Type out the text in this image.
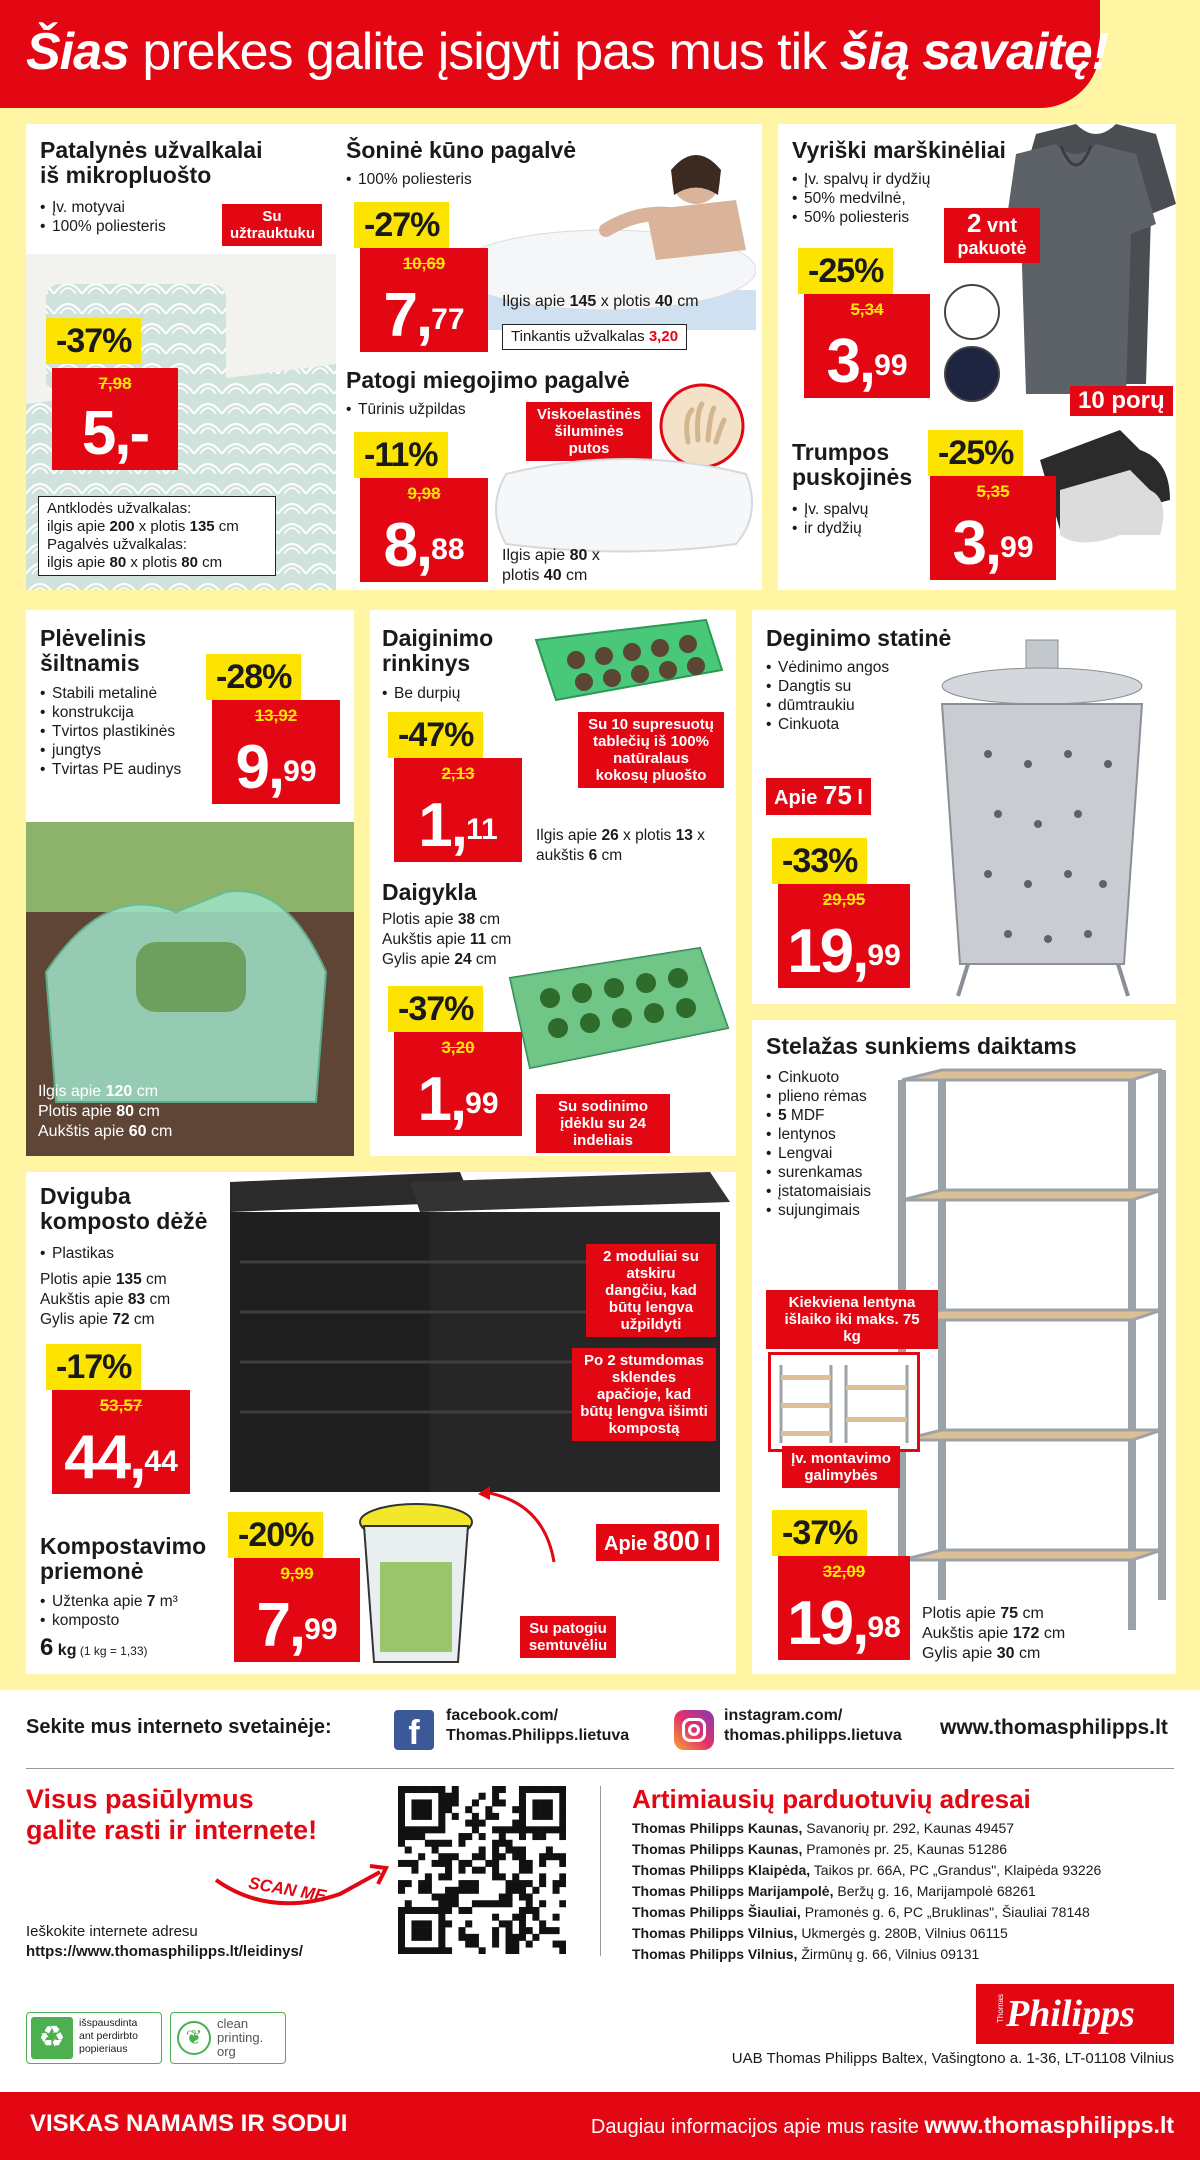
Šias prekes galite įsigyti pas mus tik šią savaitę!
Patalynės užvalkalai
iš mikropluošto
• Įv. motyvai
• 100% poliesteris
Su užtrauktuku
-37%
7,98
5,-
Antklodės užvalkalas:
ilgis apie 200 x plotis 135 cm
Pagalvės užvalkalas:
ilgis apie 80 x plotis 80 cm
Šoninė kūno pagalvė
• 100% poliesteris
-27%
10,69
7,77
Ilgis apie 145 x plotis 40 cm
Tinkantis užvalkalas 3,20
Patogi miegojimo pagalvė
• Tūrinis užpildas	Viskoelastinės šiluminės putos
-11%
9,98
8,88	Ilgis apie 80 x
plotis 40 cm
Vyriški marškinėliai
• Įv. spalvų ir dydžių
• 50% medvilnė,
• 50% poliesteris	2 vnt
pakuotė
-25%
5,34
3,99
10 porų
Trumpos
puskojinės
• Įv. spalvų
• ir dydžių
-25%
5,35
3,99
Plėvelinis
šiltnamis
• Stabili metalinė
• konstrukcija
• Tvirtos plastikinės
• jungtys
• Tvirtas PE audinys
-28%
13,92
9,99
Ilgis apie 120 cm
Plotis apie 80 cm
Aukštis apie 60 cm
Daiginimo
rinkinys
• Be durpių
Su 10 supresuotų tablečių iš 100% natūralaus kokosų pluošto
-47%
2,13
1,11	Ilgis apie 26 x plotis 13 x
aukštis 6 cm
Daigykla
Plotis apie 38 cm
Aukštis apie 11 cm
Gylis apie 24 cm
-37%
3,20
1,99	Su sodinimo įdėklu su 24 indeliais
Deginimo statinė
• Vėdinimo angos
• Dangtis su
• dūmtraukiu
• Cinkuota
Apie 75 l
-33%
29,95
19,99
Stelažas sunkiems daiktams
• Cinkuoto
• plieno rėmas
• 5 MDF
• lentynos
• Lengvai
• surenkamas
• įstatomaisiais
• sujungimais
Kiekviena lentyna išlaiko iki maks. 75 kg
Įv. montavimo galimybės
-37%
32,09
19,98	Plotis apie 75 cm
Aukštis apie 172 cm
Gylis apie 30 cm
Dviguba
komposto dėžė
• Plastikas
Plotis apie 135 cm
Aukštis apie 83 cm
Gylis apie 72 cm
-17%
53,57
44,44
2 moduliai su atskiru dangčiu, kad būtų lengva užpildyti
Po 2 stumdomas sklendes apačioje, kad būtų lengva išimti kompostą
Apie 800 l
Kompostavimo
priemonė
• Užtenka apie 7 m³
• komposto
6 kg (1 kg = 1,33)
-20%
9,99
7,99	Su patogiu semtuvėliu
Sekite mus interneto svetainėje:	f	facebook.com/
Thomas.Philipps.lietuva
instagram.com/
thomas.philipps.lietuva www.thomasphilipps.lt
Visus pasiūlymus
galite rasti ir internete!
SCAN ME
Ieškokite internete adresu
https://www.thomasphilipps.lt/leidinys/
Artimiausių parduotuvių adresai
Thomas Philipps Kaunas, Savanorių pr. 292, Kaunas 49457
Thomas Philipps Kaunas, Pramonės pr. 25, Kaunas 51286
Thomas Philipps Klaipėda, Taikos pr. 66A, PC „Grandus", Klaipėda 93226
Thomas Philipps Marijampolė, Beržų g. 16, Marijampolė 68261
Thomas Philipps Šiauliai, Pramonės g. 6, PC „Bruklinas", Šiauliai 78148
Thomas Philipps Vilnius, Ukmergės g. 280B, Vilnius 06115
Thomas Philipps Vilnius, Žirmūnų g. 66, Vilnius 09131
♻	išspausdinta
ant perdirbto
popieriaus	❦
clean
printing.
org
Thomas Philipps
UAB Thomas Philipps Baltex, Vašingtono a. 1-36, LT-01108 Vilnius
VISKAS NAMAMS IR SODUI	Daugiau informacijos apie mus rasite www.thomasphilipps.lt
